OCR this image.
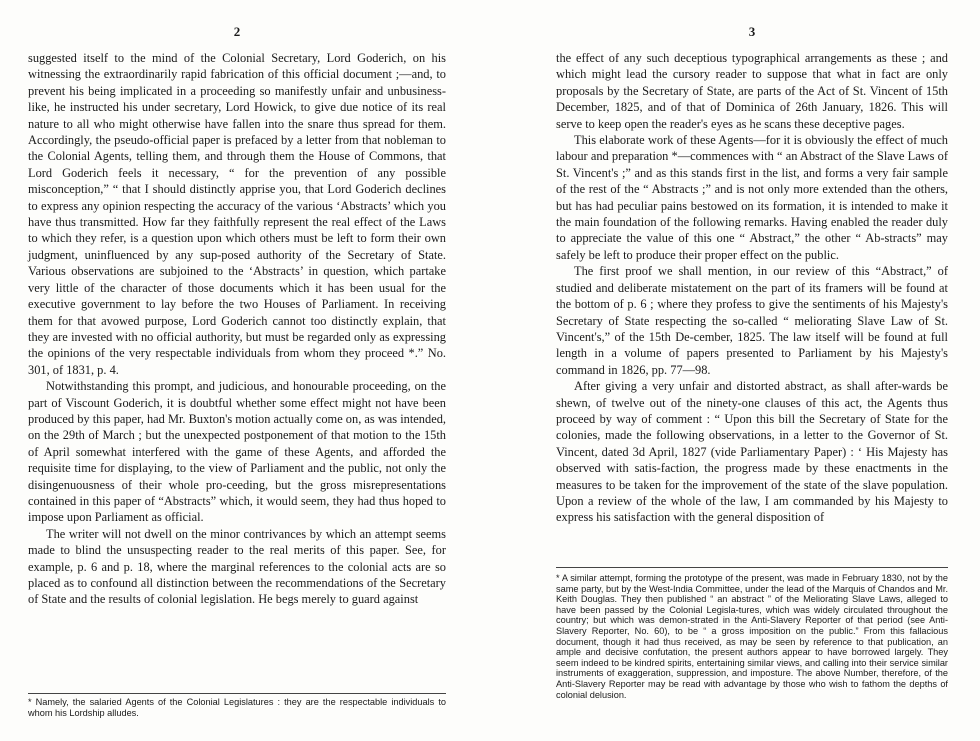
2

suggested itself to the mind of the Colonial Secretary, Lord Goderich, on his witnessing the extraordinarily rapid fabrication of this official document ;—and, to prevent his being implicated in a proceeding so manifestly unfair and unbusiness-like, he instructed his under secretary, Lord Howick, to give due notice of its real nature to all who might otherwise have fallen into the snare thus spread for them. Accordingly, the pseudo-official paper is prefaced by a letter from that nobleman to the Colonial Agents, telling them, and through them the House of Commons, that Lord Goderich feels it necessary, “ for the prevention of any possible misconception,” “ that I should distinctly apprise you, that Lord Goderich declines to express any opinion respecting the accuracy of the various ‘Abstracts’ which you have thus transmitted. How far they faithfully represent the real effect of the Laws to which they refer, is a question upon which others must be left to form their own judgment, uninfluenced by any sup-posed authority of the Secretary of State. Various observations are subjoined to the ‘Abstracts’ in question, which partake very little of the character of those documents which it has been usual for the executive government to lay before the two Houses of Parliament. In receiving them for that avowed purpose, Lord Goderich cannot too distinctly explain, that they are invested with no official authority, but must be regarded only as expressing the opinions of the very respectable individuals from whom they proceed *.” No. 301, of 1831, p. 4.

Notwithstanding this prompt, and judicious, and honourable proceeding, on the part of Viscount Goderich, it is doubtful whether some effect might not have been produced by this paper, had Mr. Buxton's motion actually come on, as was intended, on the 29th of March ; but the unexpected postponement of that motion to the 15th of April somewhat interfered with the game of these Agents, and afforded the requisite time for displaying, to the view of Parliament and the public, not only the disingenuousness of their whole pro-ceeding, but the gross misrepresentations contained in this paper of “Abstracts” which, it would seem, they had thus hoped to impose upon Parliament as official.

The writer will not dwell on the minor contrivances by which an attempt seems made to blind the unsuspecting reader to the real merits of this paper. See, for example, p. 6 and p. 18, where the marginal references to the colonial acts are so placed as to confound all distinction between the recommendations of the Secretary of State and the results of colonial legislation. He begs merely to guard against

* Namely, the salaried Agents of the Colonial Legislatures : they are the respectable individuals to whom his Lordship alludes.
3

the effect of any such deceptious typographical arrangements as these ; and which might lead the cursory reader to suppose that what in fact are only proposals by the Secretary of State, are parts of the Act of St. Vincent of 15th December, 1825, and of that of Dominica of 26th January, 1826. This will serve to keep open the reader's eyes as he scans these deceptive pages.

This elaborate work of these Agents—for it is obviously the effect of much labour and preparation *—commences with “ an Abstract of the Slave Laws of St. Vincent's ;” and as this stands first in the list, and forms a very fair sample of the rest of the “ Abstracts ;” and is not only more extended than the others, but has had peculiar pains bestowed on its formation, it is intended to make it the main foundation of the following remarks. Having enabled the reader duly to appreciate the value of this one “ Abstract,” the other “ Ab-stracts” may safely be left to produce their proper effect on the public.

The first proof we shall mention, in our review of this “Abstract,” of studied and deliberate mistatement on the part of its framers will be found at the bottom of p. 6 ; where they profess to give the sentiments of his Majesty's Secretary of State respecting the so-called “ meliorating Slave Law of St. Vincent's,” of the 15th De-cember, 1825. The law itself will be found at full length in a volume of papers presented to Parliament by his Majesty's command in 1826, pp. 77—98.

After giving a very unfair and distorted abstract, as shall after-wards be shewn, of twelve out of the ninety-one clauses of this act, the Agents thus proceed by way of comment : “ Upon this bill the Secretary of State for the colonies, made the following observations, in a letter to the Governor of St. Vincent, dated 3d April, 1827 (vide Parliamentary Paper) : ‘ His Majesty has observed with satis-faction, the progress made by these enactments in the measures to be taken for the improvement of the state of the slave population. Upon a review of the whole of the law, I am commanded by his Majesty to express his satisfaction with the general disposition of

* A similar attempt, forming the prototype of the present, was made in February 1830, not by the same party, but by the West-India Committee, under the lead of the Marquis of Chandos and Mr. Keith Douglas. They then published “ an abstract ” of the Meliorating Slave Laws, alleged to have been passed by the Colonial Legisla-tures, which was widely circulated throughout the country; but which was demon-strated in the Anti-Slavery Reporter of that period (see Anti-Slavery Reporter, No. 60), to be “ a gross imposition on the public.” From this fallacious document, though it had thus received, as may be seen by reference to that publication, an ample and decisive confutation, the present authors appear to have borrowed largely. They seem indeed to be kindred spirits, entertaining similar views, and calling into their service similar instruments of exaggeration, suppression, and imposture. The above Number, therefore, of the Anti-Slavery Reporter may be read with advantage by those who wish to fathom the depths of colonial delusion.
